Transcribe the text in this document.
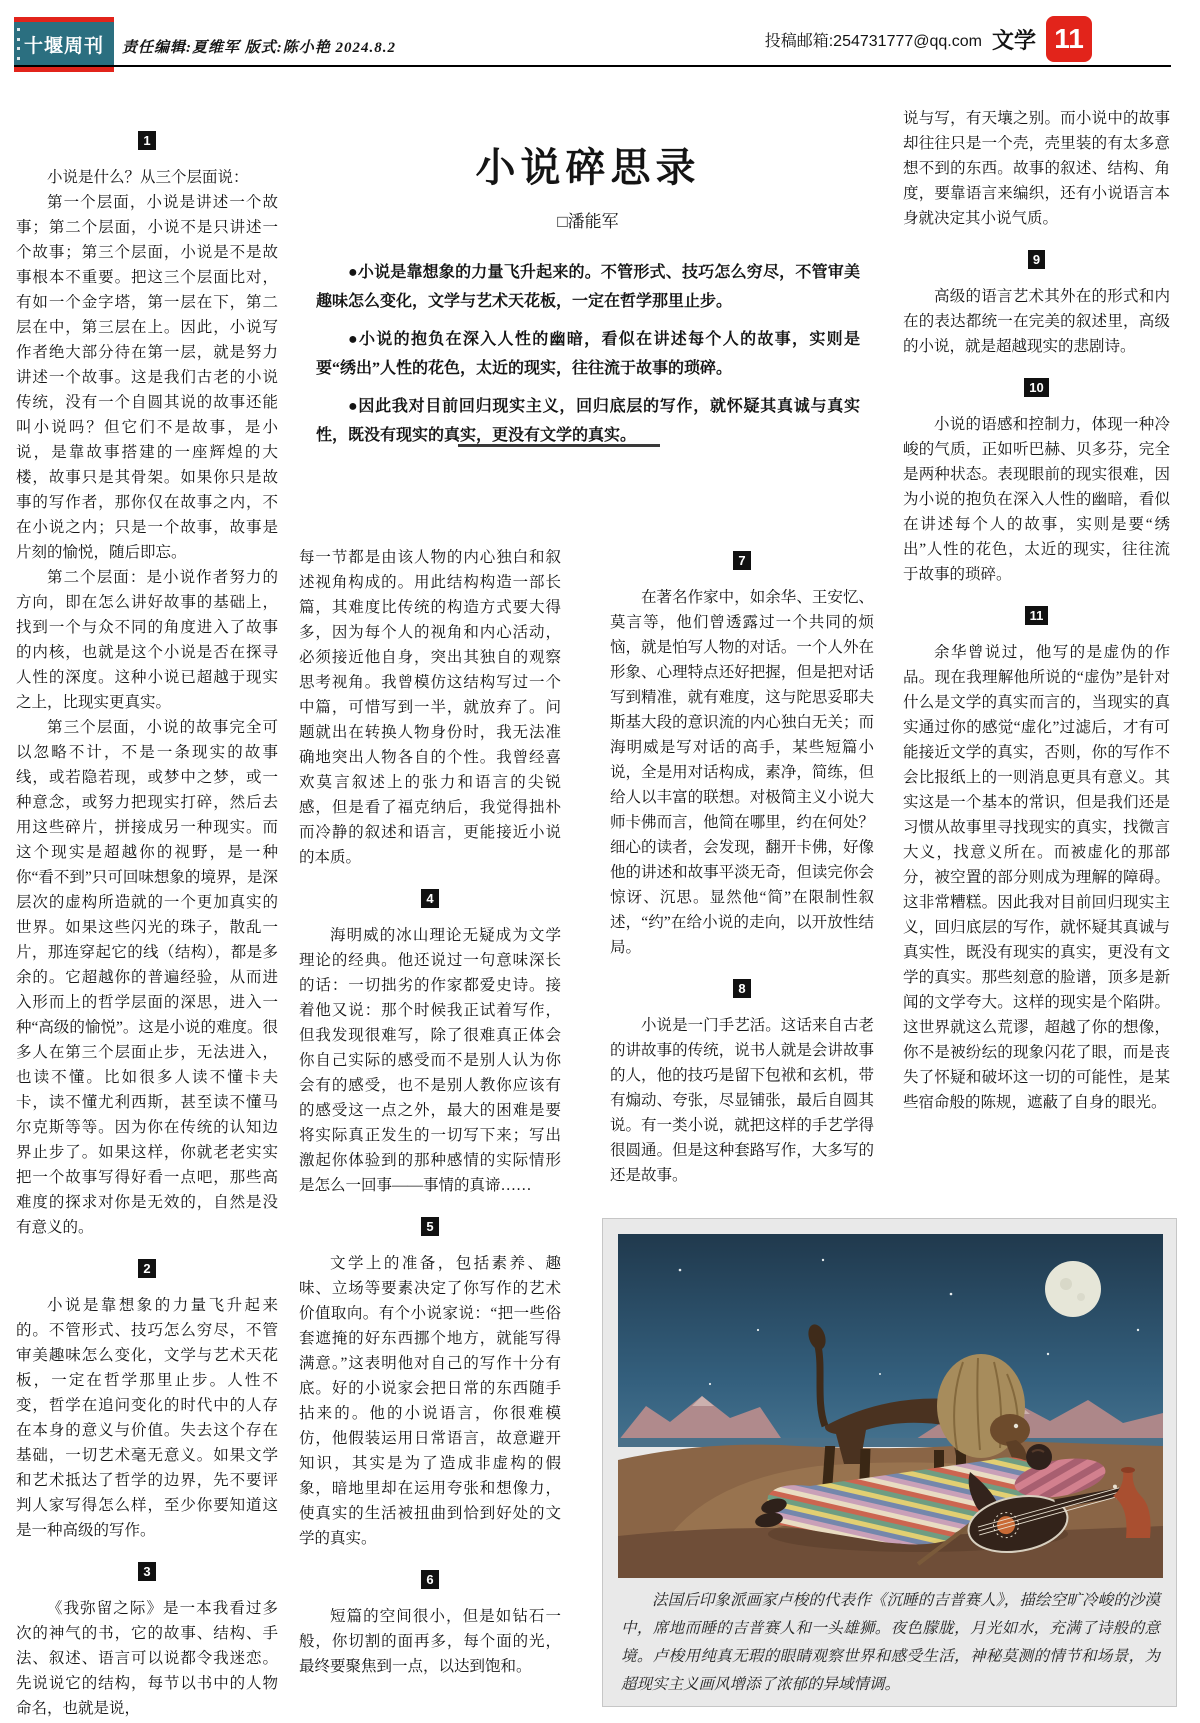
十堰周刊 责任编辑:夏维军 版式:陈小艳 2024.8.2	投稿邮箱:254731777@qq.com 文学 11
小说碎思录
□潘能军

●小说是靠想象的力量飞升起来的。不管形式、技巧怎么穷尽，不管审美趣味怎么变化，文学与艺术天花板，一定在哲学那里止步。

●小说的抱负在深入人性的幽暗，看似在讲述每个人的故事，实则是要“绣出”人性的花色，太近的现实，往往流于故事的琐碎。

●因此我对目前回归现实主义，回归底层的写作，就怀疑其真诚与真实性，既没有现实的真实，更没有文学的真实。

1

小说是什么？从三个层面说：

第一个层面，小说是讲述一个故事；第二个层面，小说不是只讲述一个故事；第三个层面，小说是不是故事根本不重要。把这三个层面比对，有如一个金字塔，第一层在下，第二层在中，第三层在上。因此，小说写作者绝大部分待在第一层，就是努力讲述一个故事。这是我们古老的小说传统，没有一个自圆其说的故事还能叫小说吗？但它们不是故事，是小说，是靠故事搭建的一座辉煌的大楼，故事只是其骨架。如果你只是故事的写作者，那你仅在故事之内，不在小说之内；只是一个故事，故事是片刻的愉悦，随后即忘。

第二个层面：是小说作者努力的方向，即在怎么讲好故事的基础上，找到一个与众不同的角度进入了故事的内核，也就是这个小说是否在探寻人性的深度。这种小说已超越于现实之上，比现实更真实。

第三个层面，小说的故事完全可以忽略不计，不是一条现实的故事线，或若隐若现，或梦中之梦，或一种意念，或努力把现实打碎，然后去用这些碎片，拼接成另一种现实。而这个现实是超越你的视野，是一种你“看不到”只可回味想象的境界，是深层次的虚构所造就的一个更加真实的世界。如果这些闪光的珠子，散乱一片，那连穿起它的线（结构），都是多余的。它超越你的普遍经验，从而进入形而上的哲学层面的深思，进入一种“高级的愉悦”。这是小说的难度。很多人在第三个层面止步，无法进入，也读不懂。比如很多人读不懂卡夫卡，读不懂尤利西斯，甚至读不懂马尔克斯等等。因为你在传统的认知边界止步了。如果这样，你就老老实实把一个故事写得好看一点吧，那些高难度的探求对你是无效的，自然是没有意义的。

2

小说是靠想象的力量飞升起来的。不管形式、技巧怎么穷尽，不管审美趣味怎么变化，文学与艺术天花板，一定在哲学那里止步。人性不变，哲学在追问变化的时代中的人存在本身的意义与价值。失去这个存在基础，一切艺术毫无意义。如果文学和艺术抵达了哲学的边界，先不要评判人家写得怎么样，至少你要知道这是一种高级的写作。

3

《我弥留之际》是一本我看过多次的神气的书，它的故事、结构、手法、叙述、语言可以说都令我迷恋。先说说它的结构，每节以书中的人物命名，也就是说，

每一节都是由该人物的内心独白和叙述视角构成的。用此结构构造一部长篇，其难度比传统的构造方式要大得多，因为每个人的视角和内心活动，必须接近他自身，突出其独自的观察思考视角。我曾模仿这结构写过一个中篇，可惜写到一半，就放弃了。问题就出在转换人物身份时，我无法准确地突出人物各自的个性。我曾经喜欢莫言叙述上的张力和语言的尖锐感，但是看了福克纳后，我觉得拙朴而冷静的叙述和语言，更能接近小说的本质。

4

海明威的冰山理论无疑成为文学理论的经典。他还说过一句意味深长的话：一切拙劣的作家都爱史诗。接着他又说：那个时候我正试着写作，但我发现很难写，除了很难真正体会你自己实际的感受而不是别人认为你会有的感受，也不是别人教你应该有的感受这一点之外，最大的困难是要将实际真正发生的一切写下来；写出激起你体验到的那种感情的实际情形是怎么一回事——事情的真谛……

5

文学上的准备，包括素养、趣味、立场等要素决定了你写作的艺术价值取向。有个小说家说：“把一些俗套遮掩的好东西挪个地方，就能写得满意。”这表明他对自己的写作十分有底。好的小说家会把日常的东西随手拈来的。他的小说语言，你很难模仿，他假装运用日常语言，故意避开知识，其实是为了造成非虚构的假象，暗地里却在运用夸张和想像力，使真实的生活被扭曲到恰到好处的文学的真实。

6

短篇的空间很小，但是如钻石一般，你切割的面再多，每个面的光，最终要聚焦到一点，以达到饱和。

7

在著名作家中，如余华、王安忆、莫言等，他们曾透露过一个共同的烦恼，就是怕写人物的对话。一个人外在形象、心理特点还好把握，但是把对话写到精准，就有难度，这与陀思妥耶夫斯基大段的意识流的内心独白无关；而海明威是写对话的高手，某些短篇小说，全是用对话构成，素净，简练，但给人以丰富的联想。对极简主义小说大师卡佛而言，他简在哪里，约在何处？细心的读者，会发现，翻开卡佛，好像他的讲述和故事平淡无奇，但读完你会惊讶、沉思。显然他“简”在限制性叙述，“约”在给小说的走向，以开放性结局。

8

小说是一门手艺活。这话来自古老的讲故事的传统，说书人就是会讲故事的人，他的技巧是留下包袱和玄机，带有煽动、夸张，尽显铺张，最后自圆其说。有一类小说，就把这样的手艺学得很圆通。但是这种套路写作，大多写的还是故事。

说与写，有天壤之别。而小说中的故事却往往只是一个壳，壳里装的有太多意想不到的东西。故事的叙述、结构、角度，要靠语言来编织，还有小说语言本身就决定其小说气质。

9

高级的语言艺术其外在的形式和内在的表达都统一在完美的叙述里，高级的小说，就是超越现实的悲剧诗。

10

小说的语感和控制力，体现一种冷峻的气质，正如听巴赫、贝多芬，完全是两种状态。表现眼前的现实很难，因为小说的抱负在深入人性的幽暗，看似在讲述每个人的故事，实则是要“绣出”人性的花色，太近的现实，往往流于故事的琐碎。

11

余华曾说过，他写的是虚伪的作品。现在我理解他所说的“虚伪”是针对什么是文学的真实而言的，当现实的真实通过你的感觉“虚化”过滤后，才有可能接近文学的真实，否则，你的写作不会比报纸上的一则消息更具有意义。其实这是一个基本的常识，但是我们还是习惯从故事里寻找现实的真实，找微言大义，找意义所在。而被虚化的那部分，被空置的部分则成为理解的障碍。这非常糟糕。因此我对目前回归现实主义，回归底层的写作，就怀疑其真诚与真实性，既没有现实的真实，更没有文学的真实。那些刻意的脸谱，顶多是新闻的文学夸大。这样的现实是个陷阱。这世界就这么荒谬，超越了你的想像，你不是被纷纭的现象闪花了眼，而是丧失了怀疑和破坏这一切的可能性，是某些宿命般的陈规，遮蔽了自身的眼光。

法国后印象派画家卢梭的代表作《沉睡的吉普赛人》，描绘空旷冷峻的沙漠中，席地而睡的吉普赛人和一头雄狮。夜色朦胧，月光如水，充满了诗般的意境。卢梭用纯真无瑕的眼睛观察世界和感受生活，神秘莫测的情节和场景，为超现实主义画风增添了浓郁的异域情调。
